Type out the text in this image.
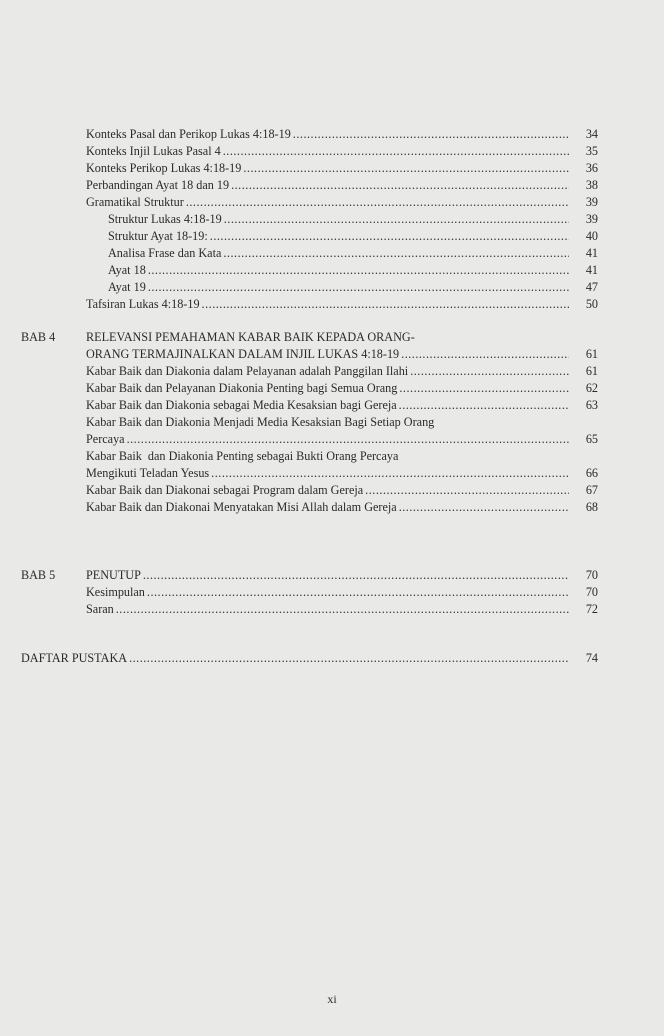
Konteks Pasal dan Perikop Lukas 4:18-19 .....	34
Konteks Injil Lukas Pasal 4 .....	35
Konteks Perikop Lukas 4:18-19 .....	36
Perbandingan Ayat 18 dan 19 .....	38
Gramatikal Struktur .....	39
Struktur Lukas 4:18-19 .....	39
Struktur Ayat 18-19: .....	40
Analisa Frase dan Kata .....	41
Ayat 18 .....	41
Ayat 19 .....	47
Tafsiran Lukas 4:18-19 .....	50
BAB 4	RELEVANSI PEMAHAMAN KABAR BAIK KEPADA ORANG-
ORANG TERMAJINALKAN DALAM INJIL LUKAS 4:18-19 .....	61
Kabar Baik dan Diakonia dalam Pelayanan adalah Panggilan Ilahi .....	61
Kabar Baik dan Pelayanan Diakonia Penting bagi Semua Orang .....	62
Kabar Baik dan Diakonia sebagai Media Kesaksian bagi Gereja .....	63
Kabar Baik dan Diakonia Menjadi Media Kesaksian Bagi Setiap Orang
Percaya .....	65
Kabar Baik  dan Diakonia Penting sebagai Bukti Orang Percaya
Mengikuti Teladan Yesus .....	66
Kabar Baik dan Diakonai sebagai Program dalam Gereja .....	67
Kabar Baik dan Diakonai Menyatakan Misi Allah dalam Gereja .....	68
BAB 5	PENUTUP .....	70
Kesimpulan .....	70
Saran .....	72
DAFTAR PUSTAKA .....	74
xi
